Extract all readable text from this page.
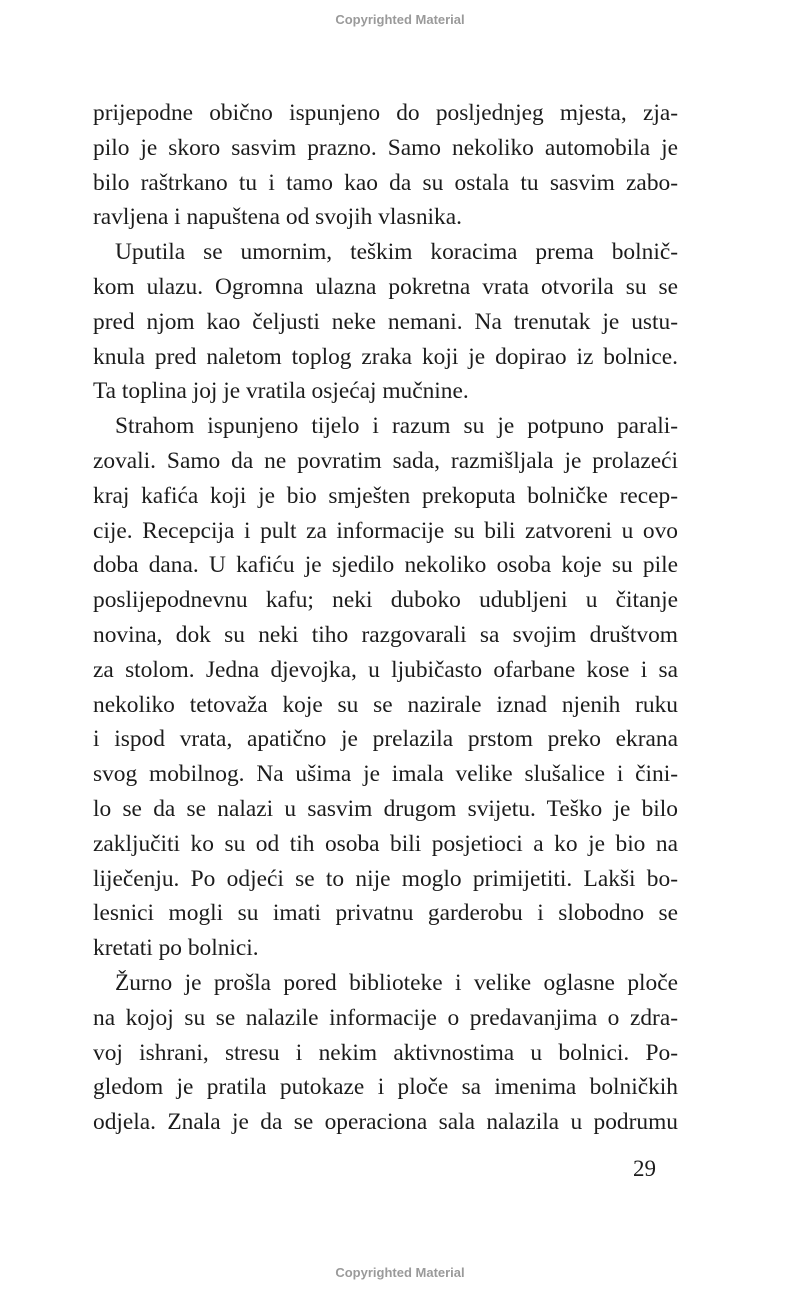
Copyrighted Material
prijepodne obično ispunjeno do posljednjeg mjesta, zja-
pilo je skoro sasvim prazno. Samo nekoliko automobila je
bilo raštrkano tu i tamo kao da su ostala tu sasvim zabo-
ravljena i napuštena od svojih vlasnika.
Uputila se umornim, teškim koracima prema bolnič-
kom ulazu. Ogromna ulazna pokretna vrata otvorila su se
pred njom kao čeljusti neke nemani. Na trenutak je ustu-
knula pred naletom toplog zraka koji je dopirao iz bolnice.
Ta toplina joj je vratila osjećaj mučnine.
Strahom ispunjeno tijelo i razum su je potpuno parali-
zovali. Samo da ne povratim sada, razmišljala je prolazeći
kraj kafića koji je bio smješten prekoputa bolničke recep-
cije. Recepcija i pult za informacije su bili zatvoreni u ovo
doba dana. U kafiću je sjedilo nekoliko osoba koje su pile
poslijepodnevnu kafu; neki duboko udubljeni u čitanje
novina, dok su neki tiho razgovarali sa svojim društvom
za stolom. Jedna djevojka, u ljubičasto ofarbane kose i sa
nekoliko tetovaža koje su se nazirale iznad njenih ruku
i ispod vrata, apatično je prelazila prstom preko ekrana
svog mobilnog. Na ušima je imala velike slušalice i čini-
lo se da se nalazi u sasvim drugom svijetu. Teško je bilo
zaključiti ko su od tih osoba bili posjetioci a ko je bio na
liječenju. Po odjeći se to nije moglo primijetiti. Lakši bo-
lesnici mogli su imati privatnu garderobu i slobodno se
kretati po bolnici.
Žurno je prošla pored biblioteke i velike oglasne ploče
na kojoj su se nalazile informacije o predavanjima o zdra-
voj ishrani, stresu i nekim aktivnostima u bolnici. Po-
gledom je pratila putokaze i ploče sa imenima bolničkih
odjela. Znala je da se operaciona sala nalazila u podrumu
29
Copyrighted Material
